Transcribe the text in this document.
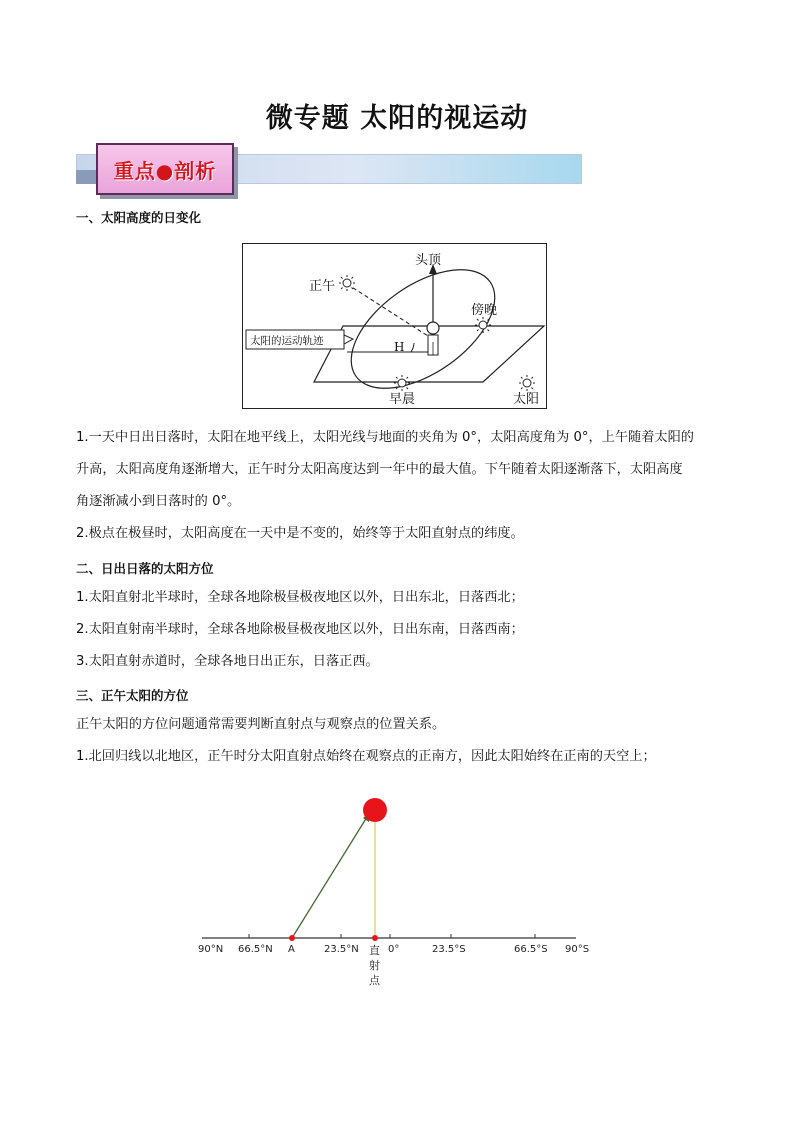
微专题 太阳的视运动
重点●剖析
一、太阳高度的日变化
太阳的运动轨迹
头顶
正午
傍晚
H
早晨	太阳
1.一天中日出日落时，太阳在地平线上，太阳光线与地面的夹角为 0°，太阳高度角为 0°，上午随着太阳的
升高，太阳高度角逐渐增大，正午时分太阳高度达到一年中的最大值。下午随着太阳逐渐落下，太阳高度
角逐渐减小到日落时的 0°。
2.极点在极昼时，太阳高度在一天中是不变的，始终等于太阳直射点的纬度。
二、日出日落的太阳方位
1.太阳直射北半球时，全球各地除极昼极夜地区以外，日出东北，日落西北；
2.太阳直射南半球时，全球各地除极昼极夜地区以外，日出东南，日落西南；
3.太阳直射赤道时，全球各地日出正东，日落正西。
三、正午太阳的方位
正午太阳的方位问题通常需要判断直射点与观察点的位置关系。
1.北回归线以北地区，正午时分太阳直射点始终在观察点的正南方，因此太阳始终在正南的天空上；
90°N 66.5°N A	23.5°N	0°	23.5°S	66.5°S 90°S
直
射
点
